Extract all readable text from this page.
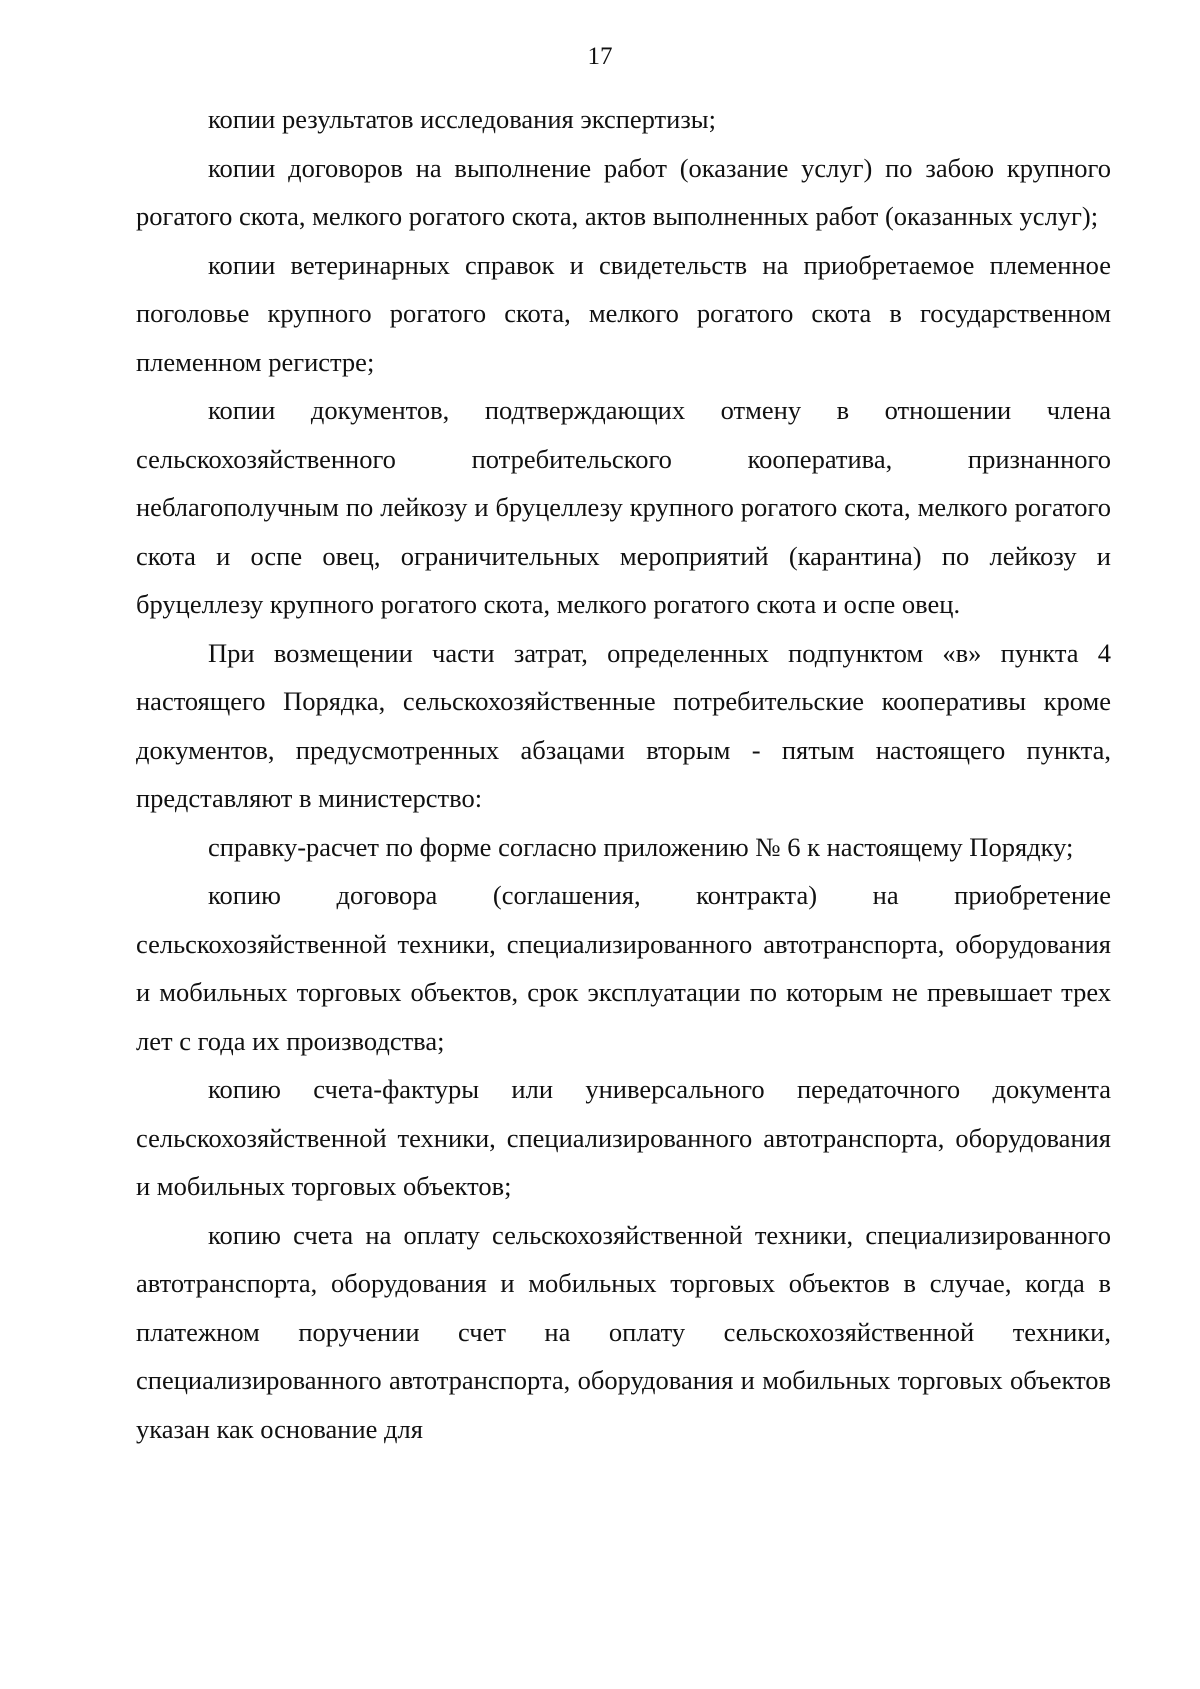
17

копии результатов исследования экспертизы;

копии договоров на выполнение работ (оказание услуг) по забою крупного рогатого скота, мелкого рогатого скота, актов выполненных работ (оказанных услуг);

копии ветеринарных справок и свидетельств на приобретаемое племенное поголовье крупного рогатого скота, мелкого рогатого скота в государственном племенном регистре;

копии документов, подтверждающих отмену в отношении члена сельскохозяйственного потребительского кооператива, признанного неблагополучным по лейкозу и бруцеллезу крупного рогатого скота, мелкого рогатого скота и оспе овец, ограничительных мероприятий (карантина) по лейкозу и бруцеллезу крупного рогатого скота, мелкого рогатого скота и оспе овец.

При возмещении части затрат, определенных подпунктом «в» пункта 4 настоящего Порядка, сельскохозяйственные потребительские кооперативы кроме документов, предусмотренных абзацами вторым - пятым настоящего пункта, представляют в министерство:

справку-расчет по форме согласно приложению № 6 к настоящему Порядку;

копию договора (соглашения, контракта) на приобретение сельскохозяйственной техники, специализированного автотранспорта, оборудования и мобильных торговых объектов, срок эксплуатации по которым не превышает трех лет с года их производства;

копию счета-фактуры или универсального передаточного документа сельскохозяйственной техники, специализированного автотранспорта, оборудования и мобильных торговых объектов;

копию счета на оплату сельскохозяйственной техники, специализированного автотранспорта, оборудования и мобильных торговых объектов в случае, когда в платежном поручении счет на оплату сельскохозяйственной техники, специализированного автотранспорта, оборудования и мобильных торговых объектов указан как основание для
